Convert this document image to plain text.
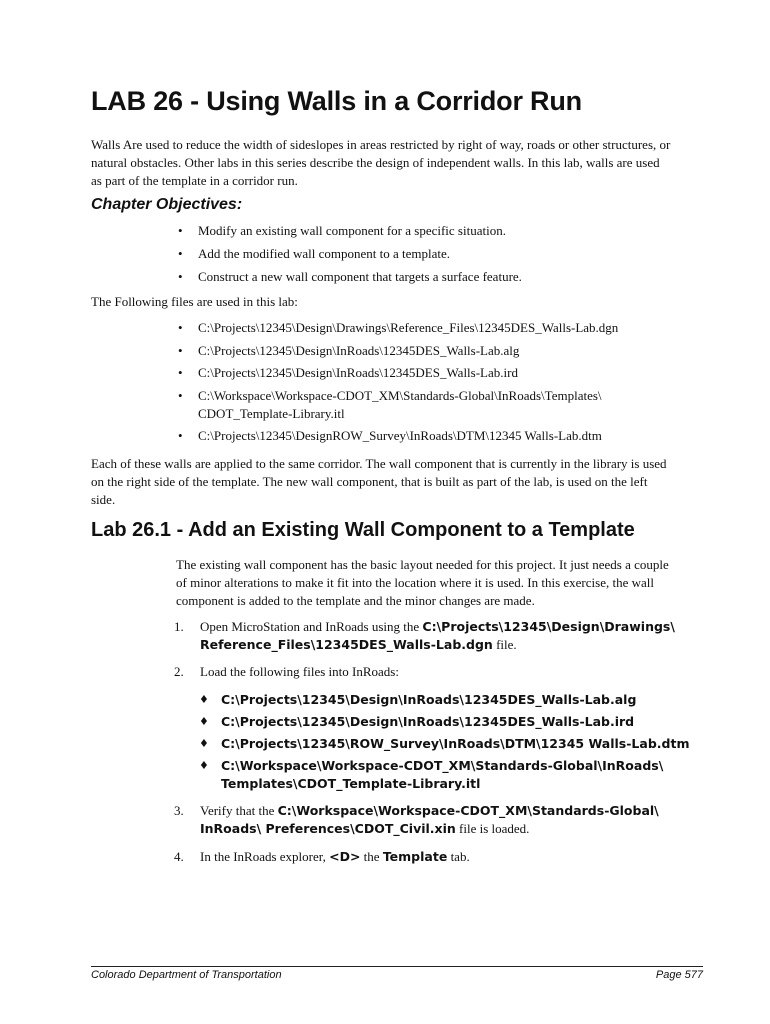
LAB 26 - Using Walls in a Corridor Run
Walls Are used to reduce the width of sideslopes in areas restricted by right of way, roads or other structures, or
natural obstacles. Other labs in this series describe the design of independent walls. In this lab, walls are used
as part of the template in a corridor run.
Chapter Objectives:
• Modify an existing wall component for a specific situation.
• Add the modified wall component to a template.
• Construct a new wall component that targets a surface feature.

The Following files are used in this lab:

• C:\Projects\12345\Design\Drawings\Reference_Files\12345DES_Walls-Lab.dgn
• C:\Projects\12345\Design\InRoads\12345DES_Walls-Lab.alg
• C:\Projects\12345\Design\InRoads\12345DES_Walls-Lab.ird
• C:\Workspace\Workspace-CDOT_XM\Standards-Global\InRoads\Templates\
CDOT_Template-Library.itl
• C:\Projects\12345\DesignROW_Survey\InRoads\DTM\12345 Walls-Lab.dtm
Each of these walls are applied to the same corridor. The wall component that is currently in the library is used
on the right side of the template. The new wall component, that is built as part of the lab, is used on the left
side.
Lab 26.1 - Add an Existing Wall Component to a Template
The existing wall component has the basic layout needed for this project. It just needs a couple
of minor alterations to make it fit into the location where it is used. In this exercise, the wall
component is added to the template and the minor changes are made.
1. Open MicroStation and InRoads using the C:\Projects\12345\Design\Drawings\
Reference_Files\12345DES_Walls-Lab.dgn file.
2. Load the following files into InRoads:
♦ C:\Projects\12345\Design\InRoads\12345DES_Walls-Lab.alg
♦ C:\Projects\12345\Design\InRoads\12345DES_Walls-Lab.ird
♦ C:\Projects\12345\ROW_Survey\InRoads\DTM\12345 Walls-Lab.dtm
♦ C:\Workspace\Workspace-CDOT_XM\Standards-Global\InRoads\
Templates\CDOT_Template-Library.itl
3. Verify that the C:\Workspace\Workspace-CDOT_XM\Standards-Global\
InRoads\ Preferences\CDOT_Civil.xin file is loaded.
4. In the InRoads explorer, <D> the Template tab.
Colorado Department of Transportation	Page 577
